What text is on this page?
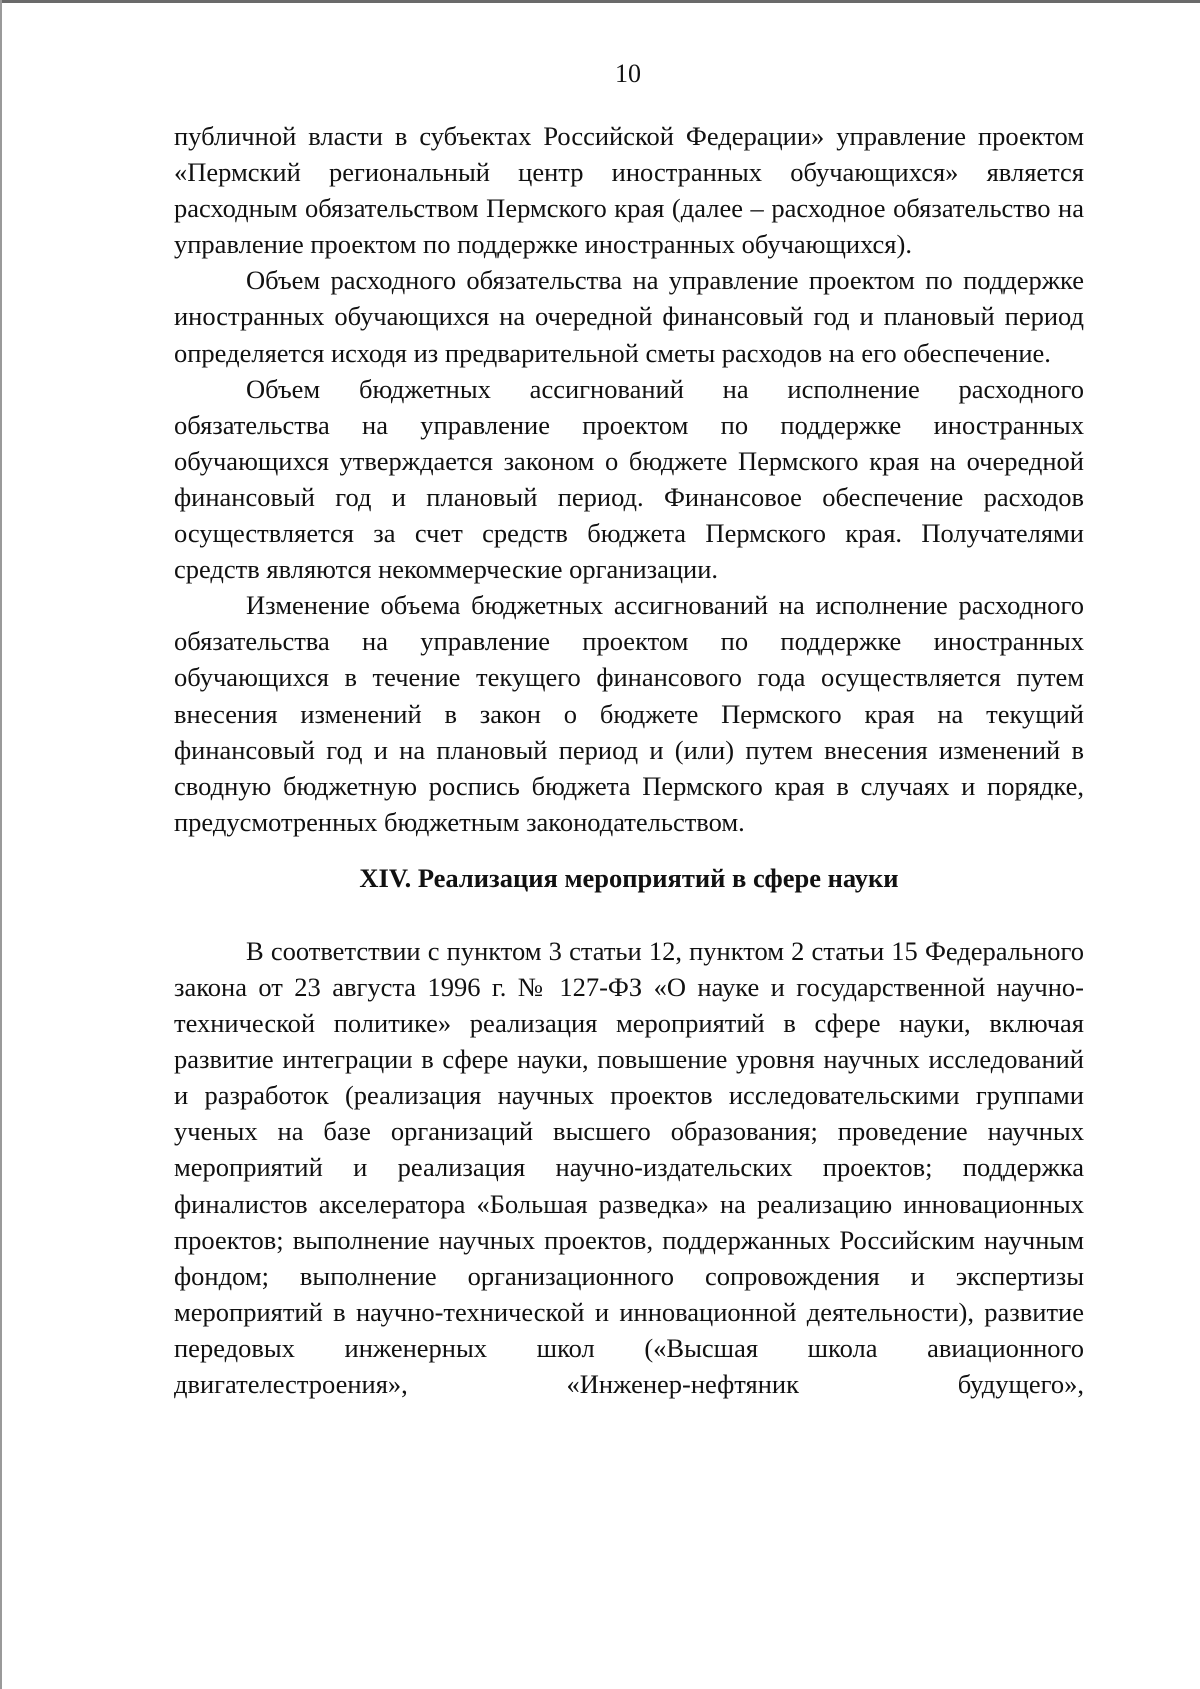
10

публичной власти в субъектах Российской Федерации» управление проектом «Пермский региональный центр иностранных обучающихся» является расходным обязательством Пермского края (далее – расходное обязательство на управление проектом по поддержке иностранных обучающихся).

Объем расходного обязательства на управление проектом по поддержке иностранных обучающихся на очередной финансовый год и плановый период определяется исходя из предварительной сметы расходов на его обеспечение.

Объем бюджетных ассигнований на исполнение расходного обязательства на управление проектом по поддержке иностранных обучающихся утверждается законом о бюджете Пермского края на очередной финансовый год и плановый период. Финансовое обеспечение расходов осуществляется за счет средств бюджета Пермского края. Получателями средств являются некоммерческие организации.

Изменение объема бюджетных ассигнований на исполнение расходного обязательства на управление проектом по поддержке иностранных обучающихся в течение текущего финансового года осуществляется путем внесения изменений в закон о бюджете Пермского края на текущий финансовый год и на плановый период и (или) путем внесения изменений в сводную бюджетную роспись бюджета Пермского края в случаях и порядке, предусмотренных бюджетным законодательством.

XIV. Реализация мероприятий в сфере науки

В соответствии с пунктом 3 статьи 12, пунктом 2 статьи 15 Федерального закона от 23 августа 1996 г. № 127-ФЗ «О науке и государственной научно-технической политике» реализация мероприятий в сфере науки, включая развитие интеграции в сфере науки, повышение уровня научных исследований и разработок (реализация научных проектов исследовательскими группами ученых на базе организаций высшего образования; проведение научных мероприятий и реализация научно-издательских проектов; поддержка финалистов акселератора «Большая разведка» на реализацию инновационных проектов; выполнение научных проектов, поддержанных Российским научным фондом; выполнение организационного сопровождения и экспертизы мероприятий в научно-технической и инновационной деятельности), развитие передовых инженерных школ («Высшая школа авиационного двигателестроения», «Инженер-нефтяник будущего»,
